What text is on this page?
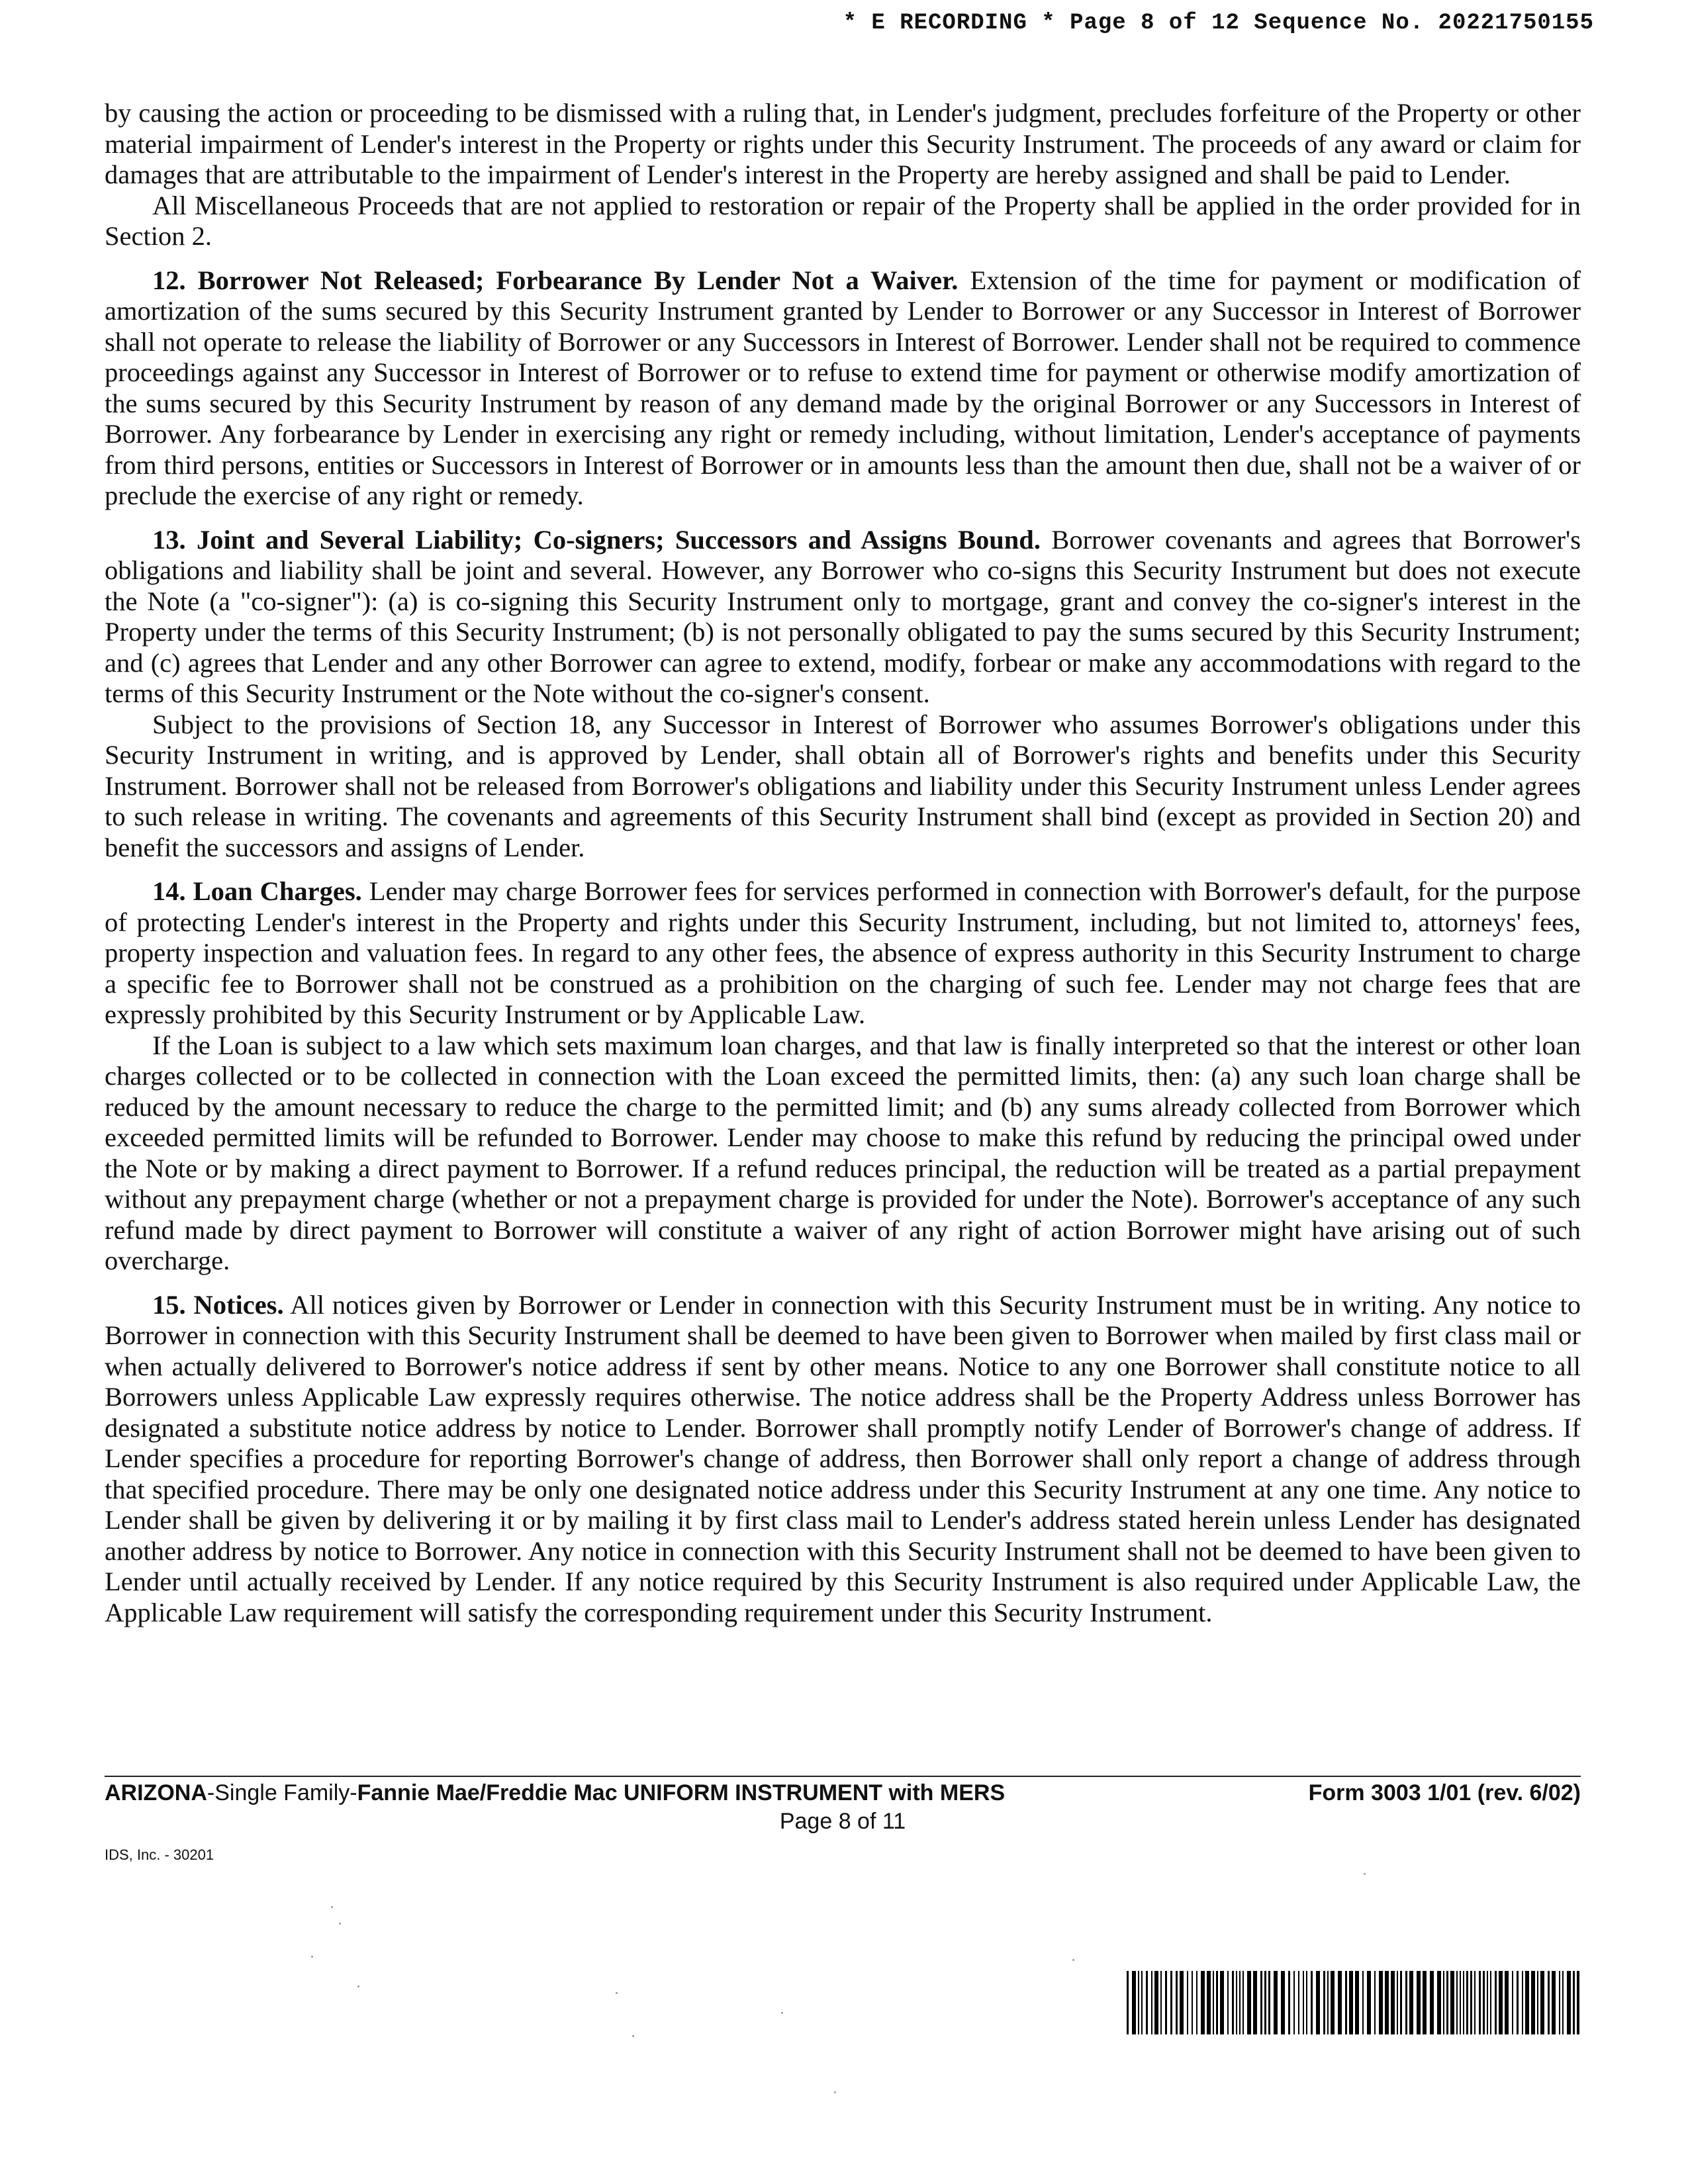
* E RECORDING * Page 8 of 12 Sequence No. 20221750155

by causing the action or proceeding to be dismissed with a ruling that, in Lender's judgment, precludes forfeiture of the Property or other material impairment of Lender's interest in the Property or rights under this Security Instrument. The proceeds of any award or claim for damages that are attributable to the impairment of Lender's interest in the Property are hereby assigned and shall be paid to Lender.

All Miscellaneous Proceeds that are not applied to restoration or repair of the Property shall be applied in the order provided for in Section 2.

12. Borrower Not Released; Forbearance By Lender Not a Waiver. Extension of the time for payment or modification of amortization of the sums secured by this Security Instrument granted by Lender to Borrower or any Successor in Interest of Borrower shall not operate to release the liability of Borrower or any Successors in Interest of Borrower. Lender shall not be required to commence proceedings against any Successor in Interest of Borrower or to refuse to extend time for payment or otherwise modify amortization of the sums secured by this Security Instrument by reason of any demand made by the original Borrower or any Successors in Interest of Borrower. Any forbearance by Lender in exercising any right or remedy including, without limitation, Lender's acceptance of payments from third persons, entities or Successors in Interest of Borrower or in amounts less than the amount then due, shall not be a waiver of or preclude the exercise of any right or remedy.

13. Joint and Several Liability; Co-signers; Successors and Assigns Bound. Borrower covenants and agrees that Borrower's obligations and liability shall be joint and several. However, any Borrower who co-signs this Security Instrument but does not execute the Note (a "co-signer"): (a) is co-signing this Security Instrument only to mortgage, grant and convey the co-signer's interest in the Property under the terms of this Security Instrument; (b) is not personally obligated to pay the sums secured by this Security Instrument; and (c) agrees that Lender and any other Borrower can agree to extend, modify, forbear or make any accommodations with regard to the terms of this Security Instrument or the Note without the co-signer's consent.

Subject to the provisions of Section 18, any Successor in Interest of Borrower who assumes Borrower's obligations under this Security Instrument in writing, and is approved by Lender, shall obtain all of Borrower's rights and benefits under this Security Instrument. Borrower shall not be released from Borrower's obligations and liability under this Security Instrument unless Lender agrees to such release in writing. The covenants and agreements of this Security Instrument shall bind (except as provided in Section 20) and benefit the successors and assigns of Lender.

14. Loan Charges. Lender may charge Borrower fees for services performed in connection with Borrower's default, for the purpose of protecting Lender's interest in the Property and rights under this Security Instrument, including, but not limited to, attorneys' fees, property inspection and valuation fees. In regard to any other fees, the absence of express authority in this Security Instrument to charge a specific fee to Borrower shall not be construed as a prohibition on the charging of such fee. Lender may not charge fees that are expressly prohibited by this Security Instrument or by Applicable Law.

If the Loan is subject to a law which sets maximum loan charges, and that law is finally interpreted so that the interest or other loan charges collected or to be collected in connection with the Loan exceed the permitted limits, then: (a) any such loan charge shall be reduced by the amount necessary to reduce the charge to the permitted limit; and (b) any sums already collected from Borrower which exceeded permitted limits will be refunded to Borrower. Lender may choose to make this refund by reducing the principal owed under the Note or by making a direct payment to Borrower. If a refund reduces principal, the reduction will be treated as a partial prepayment without any prepayment charge (whether or not a prepayment charge is provided for under the Note). Borrower's acceptance of any such refund made by direct payment to Borrower will constitute a waiver of any right of action Borrower might have arising out of such overcharge.

15. Notices. All notices given by Borrower or Lender in connection with this Security Instrument must be in writing. Any notice to Borrower in connection with this Security Instrument shall be deemed to have been given to Borrower when mailed by first class mail or when actually delivered to Borrower's notice address if sent by other means. Notice to any one Borrower shall constitute notice to all Borrowers unless Applicable Law expressly requires otherwise. The notice address shall be the Property Address unless Borrower has designated a substitute notice address by notice to Lender. Borrower shall promptly notify Lender of Borrower's change of address. If Lender specifies a procedure for reporting Borrower's change of address, then Borrower shall only report a change of address through that specified procedure. There may be only one designated notice address under this Security Instrument at any one time. Any notice to Lender shall be given by delivering it or by mailing it by first class mail to Lender's address stated herein unless Lender has designated another address by notice to Borrower. Any notice in connection with this Security Instrument shall not be deemed to have been given to Lender until actually received by Lender. If any notice required by this Security Instrument is also required under Applicable Law, the Applicable Law requirement will satisfy the corresponding requirement under this Security Instrument.

ARIZONA-Single Family-Fannie Mae/Freddie Mac UNIFORM INSTRUMENT with MERS	Form 3003 1/01 (rev. 6/02)
Page 8 of 11
IDS, Inc. - 30201
